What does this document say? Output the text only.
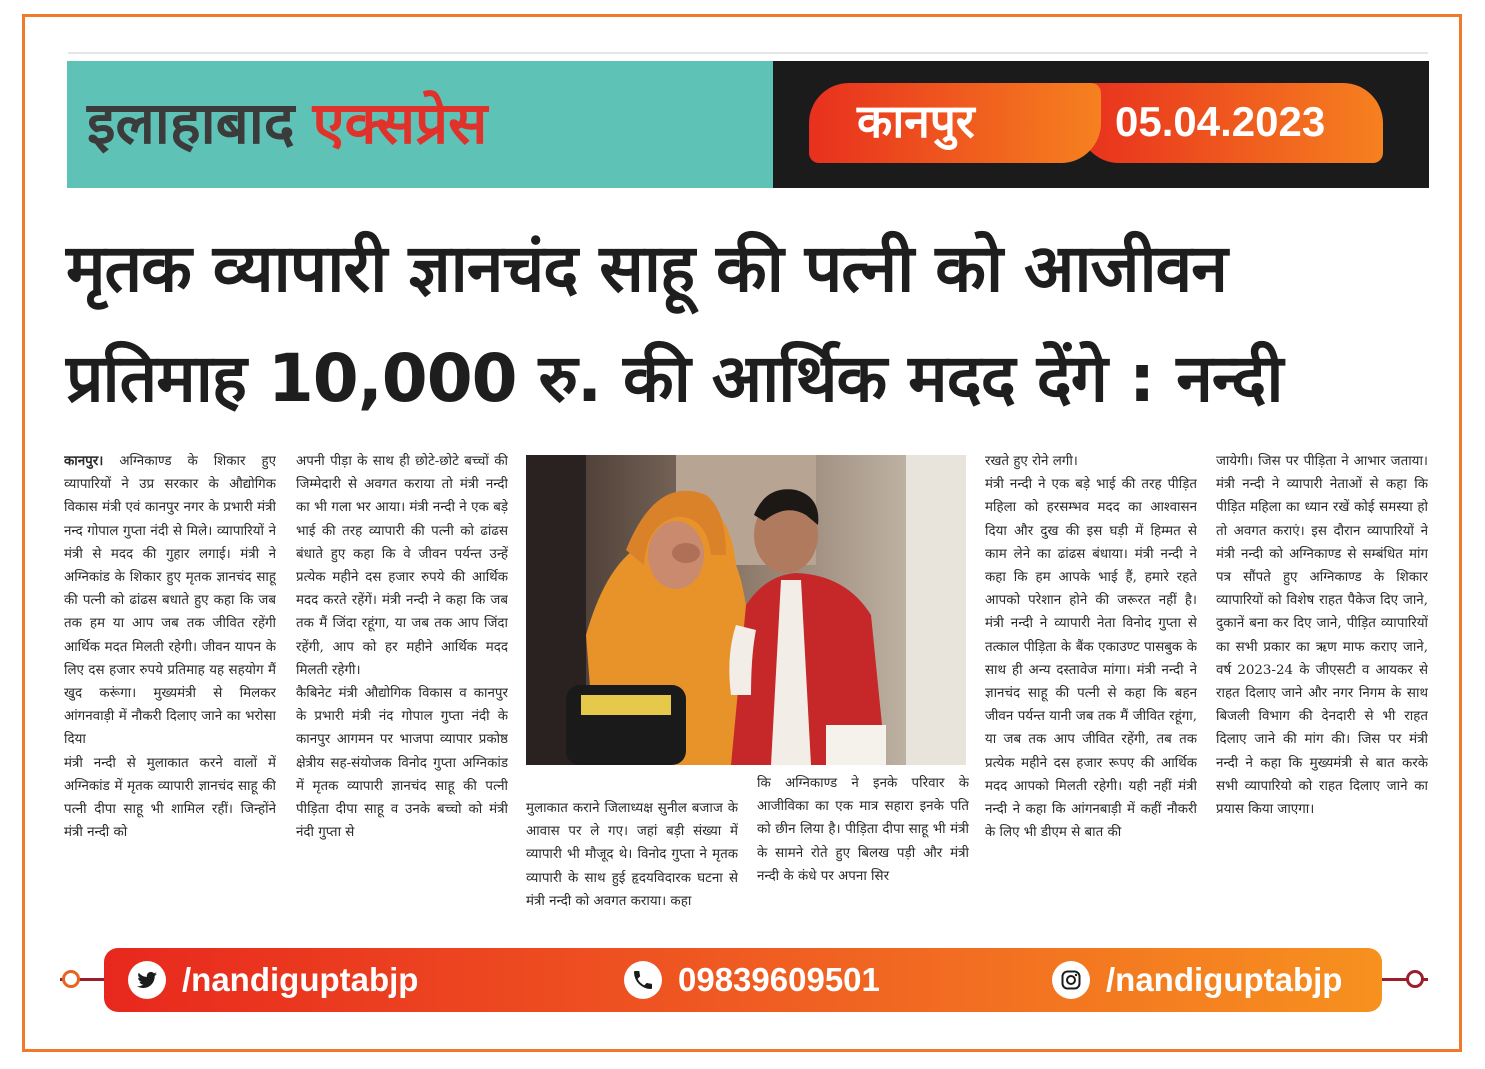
इलाहाबाद एक्सप्रेस	05.04.2023
कानपुर
मृतक व्यापारी ज्ञानचंद साहू की पत्नी को आजीवन
प्रतिमाह 10,000 रु. की आर्थिक मदद देंगे : नन्दी

कानपुर। अग्निकाण्ड के शिकार हुए व्यापारियों ने उप्र सरकार के औद्योगिक विकास मंत्री एवं कानपुर नगर के प्रभारी मंत्री नन्द गोपाल गुप्ता नंदी से मिले। व्यापारियों ने मंत्री से मदद की गुहार लगाई। मंत्री ने अग्निकांड के शिकार हुए मृतक ज्ञानचंद साहू की पत्नी को ढांढस बधाते हुए कहा कि जब तक हम या आप जब तक जीवित रहेंगी आर्थिक मदत मिलती रहेगी। जीवन यापन के लिए दस हजार रुपये प्रतिमाह यह सहयोग मैं खुद करूंगा। मुख्यमंत्री से मिलकर आंगनवाड़ी में नौकरी दिलाए जाने का भरोसा दिया

मंत्री नन्दी से मुलाकात करने वालों में अग्निकांड में मृतक व्यापारी ज्ञानचंद साहू की पत्नी दीपा साहू भी शामिल रहीं। जिन्होंने मंत्री नन्दी को

अपनी पीड़ा के साथ ही छोटे-छोटे बच्चों की जिम्मेदारी से अवगत कराया तो मंत्री नन्दी का भी गला भर आया। मंत्री नन्दी ने एक बड़े भाई की तरह व्यापारी की पत्नी को ढांढस बंधाते हुए कहा कि वे जीवन पर्यन्त उन्हें प्रत्येक महीने दस हजार रुपये की आर्थिक मदद करते रहेंगें। मंत्री नन्दी ने कहा कि जब तक मैं जिंदा रहूंगा, या जब तक आप जिंदा रहेंगी, आप को हर महीने आर्थिक मदद मिलती रहेगी।

कैबिनेट मंत्री औद्योगिक विकास व कानपुर के प्रभारी मंत्री नंद गोपाल गुप्ता नंदी के कानपुर आगमन पर भाजपा व्यापार प्रकोष्ठ क्षेत्रीय सह-संयोजक विनोद गुप्ता अग्निकांड में मृतक व्यापारी ज्ञानचंद साहू की पत्नी पीड़िता दीपा साहू व उनके बच्चो को मंत्री नंदी गुप्ता से

मुलाकात कराने जिलाध्यक्ष सुनील बजाज के आवास पर ले गए। जहां बड़ी संख्या में व्यापारी भी मौजूद थे। विनोद गुप्ता ने मृतक व्यापारी के साथ हुई हृदयविदारक घटना से मंत्री नन्दी को अवगत कराया। कहा

कि अग्निकाण्ड ने इनके परिवार के आजीविका का एक मात्र सहारा इनके पति को छीन लिया है। पीड़िता दीपा साहू भी मंत्री के सामने रोते हुए बिलख पड़ी और मंत्री नन्दी के कंधे पर अपना सिर

रखते हुए रोने लगी।

मंत्री नन्दी ने एक बड़े भाई की तरह पीड़ित महिला को हरसम्भव मदद का आश्वासन दिया और दुख की इस घड़ी में हिम्मत से काम लेने का ढांढस बंधाया। मंत्री नन्दी ने कहा कि हम आपके भाई हैं, हमारे रहते आपको परेशान होने की जरूरत नहीं है। मंत्री नन्दी ने व्यापारी नेता विनोद गुप्ता से तत्काल पीड़िता के बैंक एकाउण्ट पासबुक के साथ ही अन्य दस्तावेज मांगा। मंत्री नन्दी ने ज्ञानचंद साहू की पत्नी से कहा कि बहन जीवन पर्यन्त यानी जब तक मैं जीवित रहूंगा, या जब तक आप जीवित रहेंगी, तब तक प्रत्येक महीने दस हजार रूपए की आर्थिक मदद आपको मिलती रहेगी। यही नहीं मंत्री नन्दी ने कहा कि आंगनबाड़ी में कहीं नौकरी के लिए भी डीएम से बात की

जायेगी। जिस पर पीड़िता ने आभार जताया। मंत्री नन्दी ने व्यापारी नेताओं से कहा कि पीड़ित महिला का ध्यान रखें कोई समस्या हो तो अवगत कराएं। इस दौरान व्यापारियों ने मंत्री नन्दी को अग्निकाण्ड से सम्बंधित मांग पत्र सौंपते हुए अग्निकाण्ड के शिकार व्यापारियों को विशेष राहत पैकेज दिए जाने, दुकानें बना कर दिए जाने, पीड़ित व्यापारियों का सभी प्रकार का ऋण माफ कराए जाने, वर्ष 2023-24 के जीएसटी व आयकर से राहत दिलाए जाने और नगर निगम के साथ बिजली विभाग की देनदारी से भी राहत दिलाए जाने की मांग की। जिस पर मंत्री नन्दी ने कहा कि मुख्यमंत्री से बात करके सभी व्यापारियो को राहत दिलाए जाने का प्रयास किया जाएगा।

/nandiguptabjp	09839609501	/nandiguptabjp
